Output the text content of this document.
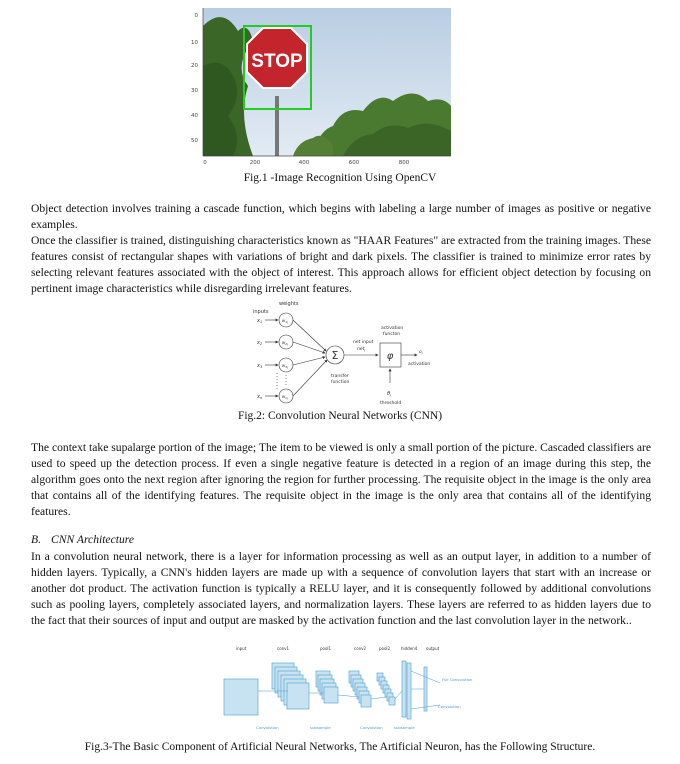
STOP
0
10
20
30
40
50
0	200	400	600	800
Fig.1 -Image Recognition Using OpenCV

Object detection involves training a cascade function, which begins with labeling a large number of images as positive or negative examples.

Once the classifier is trained, distinguishing characteristics known as "HAAR Features" are extracted from the training images. These features consist of rectangular shapes with variations of bright and dark pixels. The classifier is trained to minimize error rates by selecting relevant features associated with the object of interest. This approach allows for efficient object detection by focusing on pertinent image characteristics while disregarding irrelevant features.

weights
inputs
$x_1$
$x_2$
$x_3$
$x_n$
$w_{1j}$
$w_{2j}$
$w_{3j}$
$w_{nj}$
Σ
net input
net$_j$
activation
functon
φ	$o_j$
activation
transfer
function
$\theta_j$
threshold
Fig.2: Convolution Neural Networks (CNN)

The context take supalarge portion of the image; The item to be viewed is only a small portion of the picture. Cascaded classifiers are used to speed up the detection process. If even a single negative feature is detected in a region of an image during this step, the algorithm goes onto the next region after ignoring the region for further processing. The requisite object in the image is the only area that contains all of the identifying features. The requisite object in the image is the only area that contains all of the identifying features.

B. CNN Architecture

In a convolution neural network, there is a layer for information processing as well as an output layer, in addition to a number of hidden layers. Typically, a CNN's hidden layers are made up with a sequence of convolution layers that start with an increase or another dot product. The activation function is typically a RELU layer, and it is consequently followed by additional convolutions such as pooling layers, completely associated layers, and normalization layers. These layers are referred to as hidden layers due to the fact that their sources of input and output are masked by the activation function and the last convolution layer in the network..

input	conv1	pool1	conv2	pool2	hidden4 output
Convolution	subsample	Convolution	subsample
Full Convolution
Convolution
Fig.3-The Basic Component of Artificial Neural Networks, The Artificial Neuron, has the Following Structure.
